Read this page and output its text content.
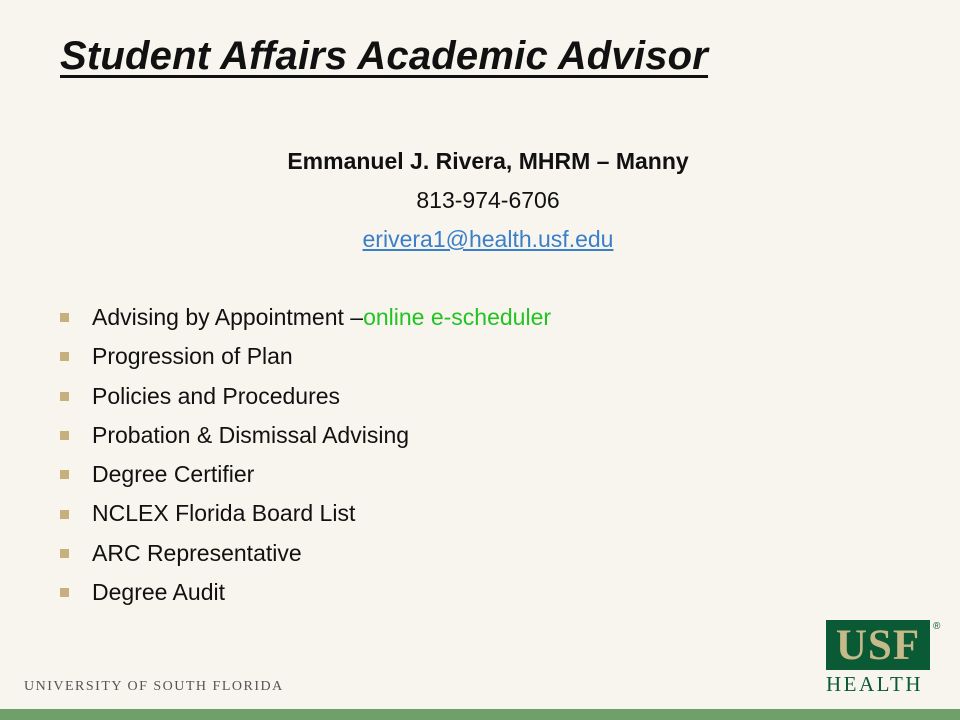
Student Affairs Academic Advisor
Emmanuel J. Rivera, MHRM – Manny
813-974-6706
erivera1@health.usf.edu
Advising by Appointment – online e-scheduler
Progression of Plan
Policies and Procedures
Probation & Dismissal Advising
Degree Certifier
NCLEX Florida Board List
ARC Representative
Degree Audit
UNIVERSITY OF SOUTH FLORIDA
USF	®
HEALTH
